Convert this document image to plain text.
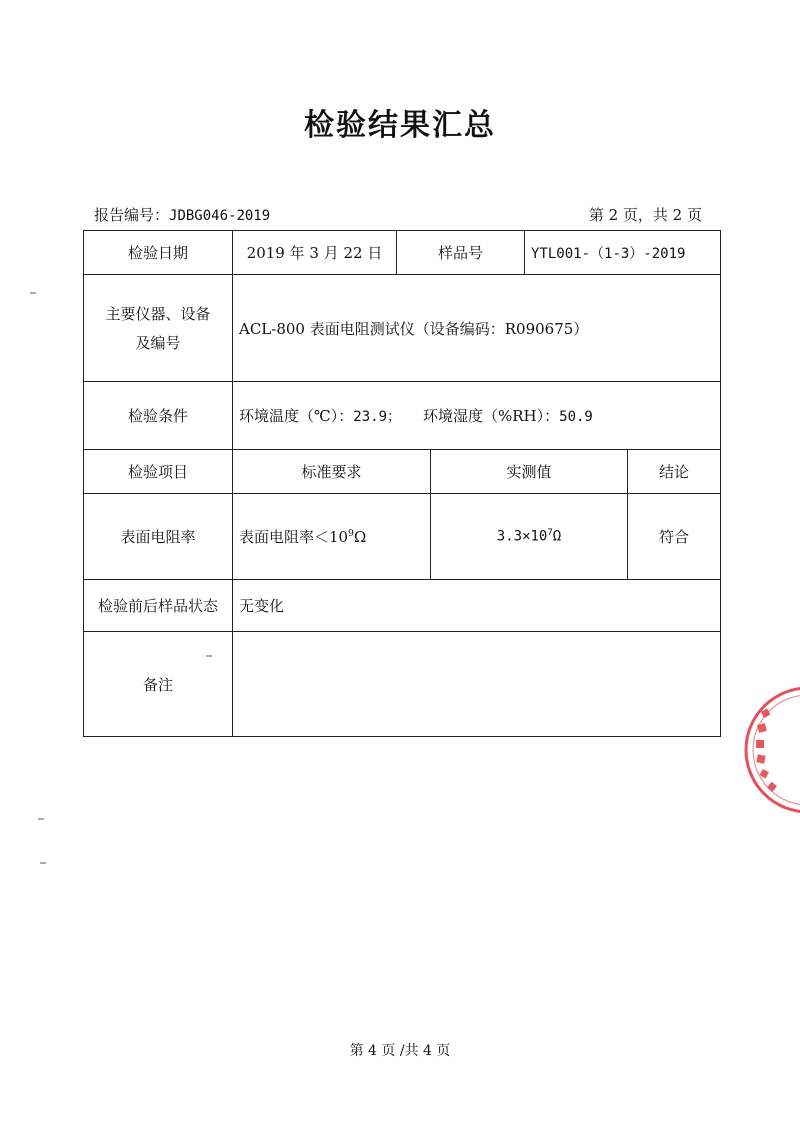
检验结果汇总
报告编号：JDBG046-2019	第 2 页，共 2 页
检验日期	2019 年 3 月 22 日	样品号		YTL001-（1-3）-2019	

主要仪器、设备
及编号	ACL-800 表面电阻测试仪（设备编码：R090675）				
检验条件	环境温度（℃）：23.9； 环境湿度（%RH）：50.9				
检验项目	标准要求		实测值		结论
表面电阻率	表面电阻率$<10^9\Omega$		$3.3\times 10^7\Omega$		符合
检验前后样品状态	无变化				
备注					
第 4 页 /共 4 页
